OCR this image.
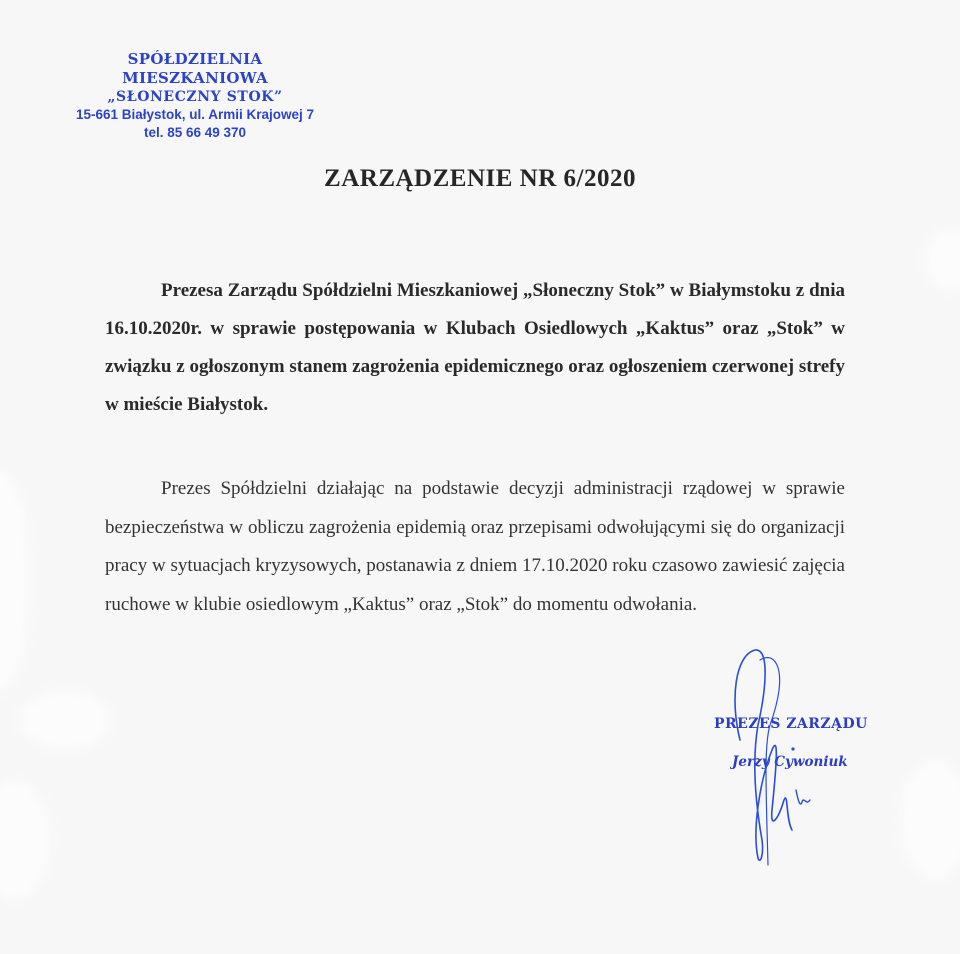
SPÓŁDZIELNIA MIESZKANIOWA
„SŁONECZNY STOK”
15-661 Białystok, ul. Armii Krajowej 7
tel. 85 66 49 370
ZARZĄDZENIE NR 6/2020
Prezesa Zarządu Spółdzielni Mieszkaniowej „Słoneczny Stok” w Białymstoku z dnia 16.10.2020r. w sprawie postępowania w Klubach Osiedlowych „Kaktus” oraz „Stok” w związku z ogłoszonym stanem zagrożenia epidemicznego oraz ogłoszeniem czerwonej strefy w mieście Białystok.
Prezes Spółdzielni działając na podstawie decyzji administracji rządowej w sprawie bezpieczeństwa w obliczu zagrożenia epidemią oraz przepisami odwołującymi się do organizacji pracy w sytuacjach kryzysowych, postanawia z dniem 17.10.2020 roku czasowo zawiesić zajęcia ruchowe w klubie osiedlowym „Kaktus” oraz „Stok” do momentu odwołania.
PREZES ZARZĄDU
Jerzy Cywoniuk
